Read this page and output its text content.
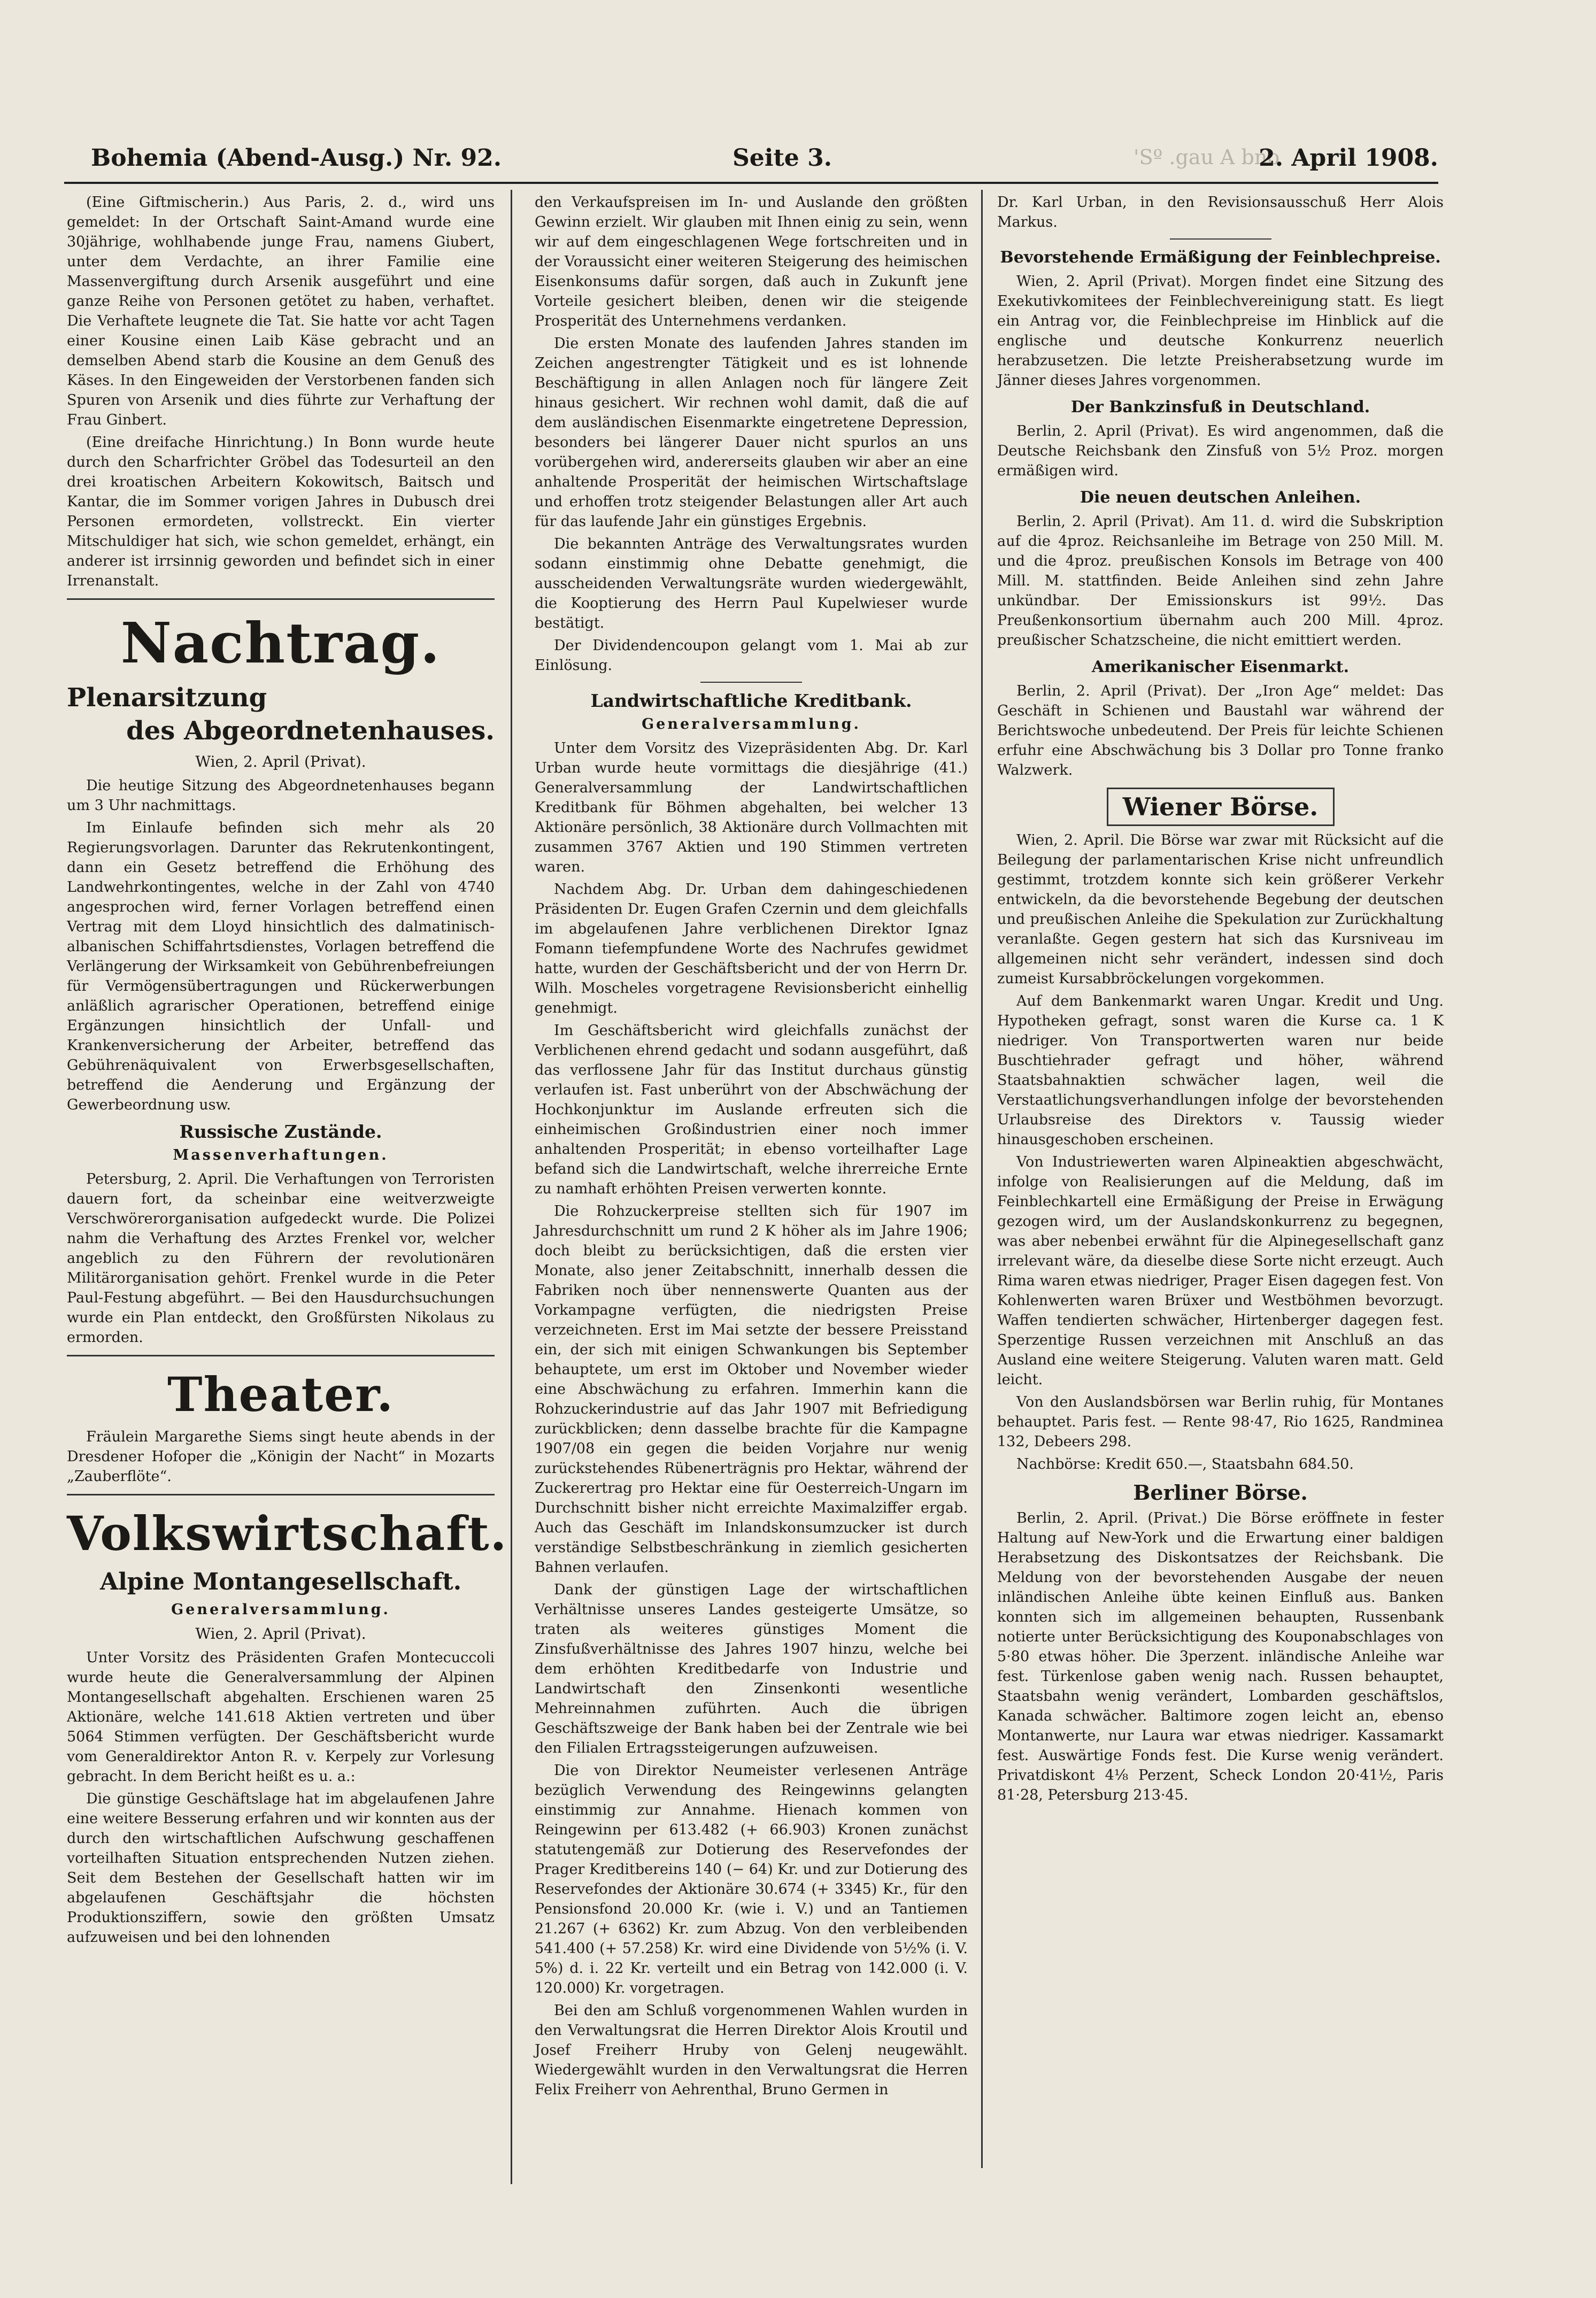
Bohemia (Abend-Ausg.) Nr. 92.	Seite 3.	'Sº .gau A bno
2. April 1908.

(Eine Giftmischerin.) Aus Paris, 2. d., wird uns gemeldet: In der Ortschaft Saint-Amand wurde eine 30jährige, wohlhabende junge Frau, namens Giubert, unter dem Verdachte, an ihrer Familie eine Massenvergiftung durch Arsenik ausgeführt und eine ganze Reihe von Personen getötet zu haben, verhaftet. Die Verhaftete leugnete die Tat. Sie hatte vor acht Tagen einer Kousine einen Laib Käse gebracht und an demselben Abend starb die Kousine an dem Genuß des Käses. In den Eingeweiden der Verstorbenen fanden sich Spuren von Arsenik und dies führte zur Verhaftung der Frau Ginbert.

(Eine dreifache Hinrichtung.) In Bonn wurde heute durch den Scharfrichter Gröbel das Todesurteil an den drei kroatischen Arbeitern Kokowitsch, Baitsch und Kantar, die im Sommer vorigen Jahres in Dubusch drei Personen ermordeten, vollstreckt. Ein vierter Mitschuldiger hat sich, wie schon gemeldet, erhängt, ein anderer ist irrsinnig geworden und befindet sich in einer Irrenanstalt.

Nachtrag.
Plenarsitzung
des Abgeordnetenhauses.

Wien, 2. April (Privat).

Die heutige Sitzung des Abgeordnetenhauses begann um 3 Uhr nachmittags.

Im Einlaufe befinden sich mehr als 20 Regierungsvorlagen. Darunter das Rekrutenkontingent, dann ein Gesetz betreffend die Erhöhung des Landwehrkontingentes, welche in der Zahl von 4740 angesprochen wird, ferner Vorlagen betreffend einen Vertrag mit dem Lloyd hinsichtlich des dalmatinisch-albanischen Schiffahrtsdienstes, Vorlagen betreffend die Verlängerung der Wirksamkeit von Gebührenbefreiungen für Vermögensübertragungen und Rückerwerbungen anläßlich agrarischer Operationen, betreffend einige Ergänzungen hinsichtlich der Unfall- und Krankenversicherung der Arbeiter, betreffend das Gebührenäquivalent von Erwerbsgesellschaften, betreffend die Aenderung und Ergänzung der Gewerbeordnung usw.

Russische Zustände.
Massenverhaftungen.

Petersburg, 2. April. Die Verhaftungen von Terroristen dauern fort, da scheinbar eine weitverzweigte Verschwörerorganisation aufgedeckt wurde. Die Polizei nahm die Verhaftung des Arztes Frenkel vor, welcher angeblich zu den Führern der revolutionären Militärorganisation gehört. Frenkel wurde in die Peter Paul-Festung abgeführt. — Bei den Hausdurchsuchungen wurde ein Plan entdeckt, den Großfürsten Nikolaus zu ermorden.

Theater.

Fräulein Margarethe Siems singt heute abends in der Dresdener Hofoper die „Königin der Nacht“ in Mozarts „Zauberflöte“.

Volkswirtschaft.
Alpine Montangesellschaft.
Generalversammlung.

Wien, 2. April (Privat).

Unter Vorsitz des Präsidenten Grafen Montecuccoli wurde heute die Generalversammlung der Alpinen Montangesellschaft abgehalten. Erschienen waren 25 Aktionäre, welche 141.618 Aktien vertreten und über 5064 Stimmen verfügten. Der Geschäftsbericht wurde vom Generaldirektor Anton R. v. Kerpely zur Vorlesung gebracht. In dem Bericht heißt es u. a.:

Die günstige Geschäftslage hat im abgelaufenen Jahre eine weitere Besserung erfahren und wir konnten aus der durch den wirtschaftlichen Aufschwung geschaffenen vorteilhaften Situation entsprechenden Nutzen ziehen. Seit dem Bestehen der Gesellschaft hatten wir im abgelaufenen Geschäftsjahr die höchsten Produktionsziffern, sowie den größten Umsatz aufzuweisen und bei den lohnenden

den Verkaufspreisen im In- und Auslande den größten Gewinn erzielt. Wir glauben mit Ihnen einig zu sein, wenn wir auf dem eingeschlagenen Wege fortschreiten und in der Voraussicht einer weiteren Steigerung des heimischen Eisenkonsums dafür sorgen, daß auch in Zukunft jene Vorteile gesichert bleiben, denen wir die steigende Prosperität des Unternehmens verdanken.

Die ersten Monate des laufenden Jahres standen im Zeichen angestrengter Tätigkeit und es ist lohnende Beschäftigung in allen Anlagen noch für längere Zeit hinaus gesichert. Wir rechnen wohl damit, daß die auf dem ausländischen Eisenmarkte eingetretene Depression, besonders bei längerer Dauer nicht spurlos an uns vorübergehen wird, andererseits glauben wir aber an eine anhaltende Prosperität der heimischen Wirtschaftslage und erhoffen trotz steigender Belastungen aller Art auch für das laufende Jahr ein günstiges Ergebnis.

Die bekannten Anträge des Verwaltungsrates wurden sodann einstimmig ohne Debatte genehmigt, die ausscheidenden Verwaltungsräte wurden wiedergewählt, die Kooptierung des Herrn Paul Kupelwieser wurde bestätigt.

Der Dividendencoupon gelangt vom 1. Mai ab zur Einlösung.

Landwirtschaftliche Kreditbank.
Generalversammlung.

Unter dem Vorsitz des Vizepräsidenten Abg. Dr. Karl Urban wurde heute vormittags die diesjährige (41.) Generalversammlung der Landwirtschaftlichen Kreditbank für Böhmen abgehalten, bei welcher 13 Aktionäre persönlich, 38 Aktionäre durch Vollmachten mit zusammen 3767 Aktien und 190 Stimmen vertreten waren.

Nachdem Abg. Dr. Urban dem dahingeschiedenen Präsidenten Dr. Eugen Grafen Czernin und dem gleichfalls im abgelaufenen Jahre verblichenen Direktor Ignaz Fomann tiefempfundene Worte des Nachrufes gewidmet hatte, wurden der Geschäftsbericht und der von Herrn Dr. Wilh. Moscheles vorgetragene Revisionsbericht einhellig genehmigt.

Im Geschäftsbericht wird gleichfalls zunächst der Verblichenen ehrend gedacht und sodann ausgeführt, daß das verflossene Jahr für das Institut durchaus günstig verlaufen ist. Fast unberührt von der Abschwächung der Hochkonjunktur im Auslande erfreuten sich die einheimischen Großindustrien einer noch immer anhaltenden Prosperität; in ebenso vorteilhafter Lage befand sich die Landwirtschaft, welche ihrerreiche Ernte zu namhaft erhöhten Preisen verwerten konnte.

Die Rohzuckerpreise stellten sich für 1907 im Jahresdurchschnitt um rund 2 K höher als im Jahre 1906; doch bleibt zu berücksichtigen, daß die ersten vier Monate, also jener Zeitabschnitt, innerhalb dessen die Fabriken noch über nennenswerte Quanten aus der Vorkampagne verfügten, die niedrigsten Preise verzeichneten. Erst im Mai setzte der bessere Preisstand ein, der sich mit einigen Schwankungen bis September behauptete, um erst im Oktober und November wieder eine Abschwächung zu erfahren. Immerhin kann die Rohzuckerindustrie auf das Jahr 1907 mit Befriedigung zurückblicken; denn dasselbe brachte für die Kampagne 1907/08 ein gegen die beiden Vorjahre nur wenig zurückstehendes Rübenerträgnis pro Hektar, während der Zuckerertrag pro Hektar eine für Oesterreich-Ungarn im Durchschnitt bisher nicht erreichte Maximalziffer ergab. Auch das Geschäft im Inlandskonsumzucker ist durch verständige Selbstbeschränkung in ziemlich gesicherten Bahnen verlaufen.

Dank der günstigen Lage der wirtschaftlichen Verhältnisse unseres Landes gesteigerte Umsätze, so traten als weiteres günstiges Moment die Zinsfußverhältnisse des Jahres 1907 hinzu, welche bei dem erhöhten Kreditbedarfe von Industrie und Landwirtschaft den Zinsenkonti wesentliche Mehreinnahmen zuführten. Auch die übrigen Geschäftszweige der Bank haben bei der Zentrale wie bei den Filialen Ertragssteigerungen aufzuweisen.

Die von Direktor Neumeister verlesenen Anträge bezüglich Verwendung des Reingewinns gelangten einstimmig zur Annahme. Hienach kommen von Reingewinn per 613.482 (+ 66.903) Kronen zunächst statutengemäß zur Dotierung des Reservefondes der Prager Kreditbereins 140 (− 64) Kr. und zur Dotierung des Reservefondes der Aktionäre 30.674 (+ 3345) Kr., für den Pensionsfond 20.000 Kr. (wie i. V.) und an Tantiemen 21.267 (+ 6362) Kr. zum Abzug. Von den verbleibenden 541.400 (+ 57.258) Kr. wird eine Dividende von 5½% (i. V. 5%) d. i. 22 Kr. verteilt und ein Betrag von 142.000 (i. V. 120.000) Kr. vorgetragen.

Bei den am Schluß vorgenommenen Wahlen wurden in den Verwaltungsrat die Herren Direktor Alois Kroutil und Josef Freiherr Hruby von Gelenj neugewählt. Wiedergewählt wurden in den Verwaltungsrat die Herren Felix Freiherr von Aehrenthal, Bruno Germen in

Dr. Karl Urban, in den Revisionsausschuß Herr Alois Markus.

Bevorstehende Ermäßigung der Feinblechpreise.

Wien, 2. April (Privat). Morgen findet eine Sitzung des Exekutivkomitees der Feinblechvereinigung statt. Es liegt ein Antrag vor, die Feinblechpreise im Hinblick auf die englische und deutsche Konkurrenz neuerlich herabzusetzen. Die letzte Preisherabsetzung wurde im Jänner dieses Jahres vorgenommen.

Der Bankzinsfuß in Deutschland.

Berlin, 2. April (Privat). Es wird angenommen, daß die Deutsche Reichsbank den Zinsfuß von 5½ Proz. morgen ermäßigen wird.

Die neuen deutschen Anleihen.

Berlin, 2. April (Privat). Am 11. d. wird die Subskription auf die 4proz. Reichsanleihe im Betrage von 250 Mill. M. und die 4proz. preußischen Konsols im Betrage von 400 Mill. M. stattfinden. Beide Anleihen sind zehn Jahre unkündbar. Der Emissionskurs ist 99½. Das Preußenkonsortium übernahm auch 200 Mill. 4proz. preußischer Schatzscheine, die nicht emittiert werden.

Amerikanischer Eisenmarkt.

Berlin, 2. April (Privat). Der „Iron Age“ meldet: Das Geschäft in Schienen und Baustahl war während der Berichtswoche unbedeutend. Der Preis für leichte Schienen erfuhr eine Abschwächung bis 3 Dollar pro Tonne franko Walzwerk.

Wiener Börse.

Wien, 2. April. Die Börse war zwar mit Rücksicht auf die Beilegung der parlamentarischen Krise nicht unfreundlich gestimmt, trotzdem konnte sich kein größerer Verkehr entwickeln, da die bevorstehende Begebung der deutschen und preußischen Anleihe die Spekulation zur Zurückhaltung veranlaßte. Gegen gestern hat sich das Kursniveau im allgemeinen nicht sehr verändert, indessen sind doch zumeist Kursabbröckelungen vorgekommen.

Auf dem Bankenmarkt waren Ungar. Kredit und Ung. Hypotheken gefragt, sonst waren die Kurse ca. 1 K niedriger. Von Transportwerten waren nur beide Buschtiehrader gefragt und höher, während Staatsbahnaktien schwächer lagen, weil die Verstaatlichungsverhandlungen infolge der bevorstehenden Urlaubsreise des Direktors v. Taussig wieder hinausgeschoben erscheinen.

Von Industriewerten waren Alpineaktien abgeschwächt, infolge von Realisierungen auf die Meldung, daß im Feinblechkartell eine Ermäßigung der Preise in Erwägung gezogen wird, um der Auslandskonkurrenz zu begegnen, was aber nebenbei erwähnt für die Alpinegesellschaft ganz irrelevant wäre, da dieselbe diese Sorte nicht erzeugt. Auch Rima waren etwas niedriger, Prager Eisen dagegen fest. Von Kohlenwerten waren Brüxer und Westböhmen bevorzugt. Waffen tendierten schwächer, Hirtenberger dagegen fest. Sperzentige Russen verzeichnen mit Anschluß an das Ausland eine weitere Steigerung. Valuten waren matt. Geld leicht.

Von den Auslandsbörsen war Berlin ruhig, für Montanes behauptet. Paris fest. — Rente 98·47, Rio 1625, Randminea 132, Debeers 298.

Nachbörse: Kredit 650.—, Staatsbahn 684.50.

Berliner Börse.

Berlin, 2. April. (Privat.) Die Börse eröffnete in fester Haltung auf New-York und die Erwartung einer baldigen Herabsetzung des Diskontsatzes der Reichsbank. Die Meldung von der bevorstehenden Ausgabe der neuen inländischen Anleihe übte keinen Einfluß aus. Banken konnten sich im allgemeinen behaupten, Russenbank notierte unter Berücksichtigung des Kouponabschlages von 5·80 etwas höher. Die 3perzent. inländische Anleihe war fest. Türkenlose gaben wenig nach. Russen behauptet, Staatsbahn wenig verändert, Lombarden geschäftslos, Kanada schwächer. Baltimore zogen leicht an, ebenso Montanwerte, nur Laura war etwas niedriger. Kassamarkt fest. Auswärtige Fonds fest. Die Kurse wenig verändert. Privatdiskont 4⅛ Perzent, Scheck London 20·41½, Paris 81·28, Petersburg 213·45.
